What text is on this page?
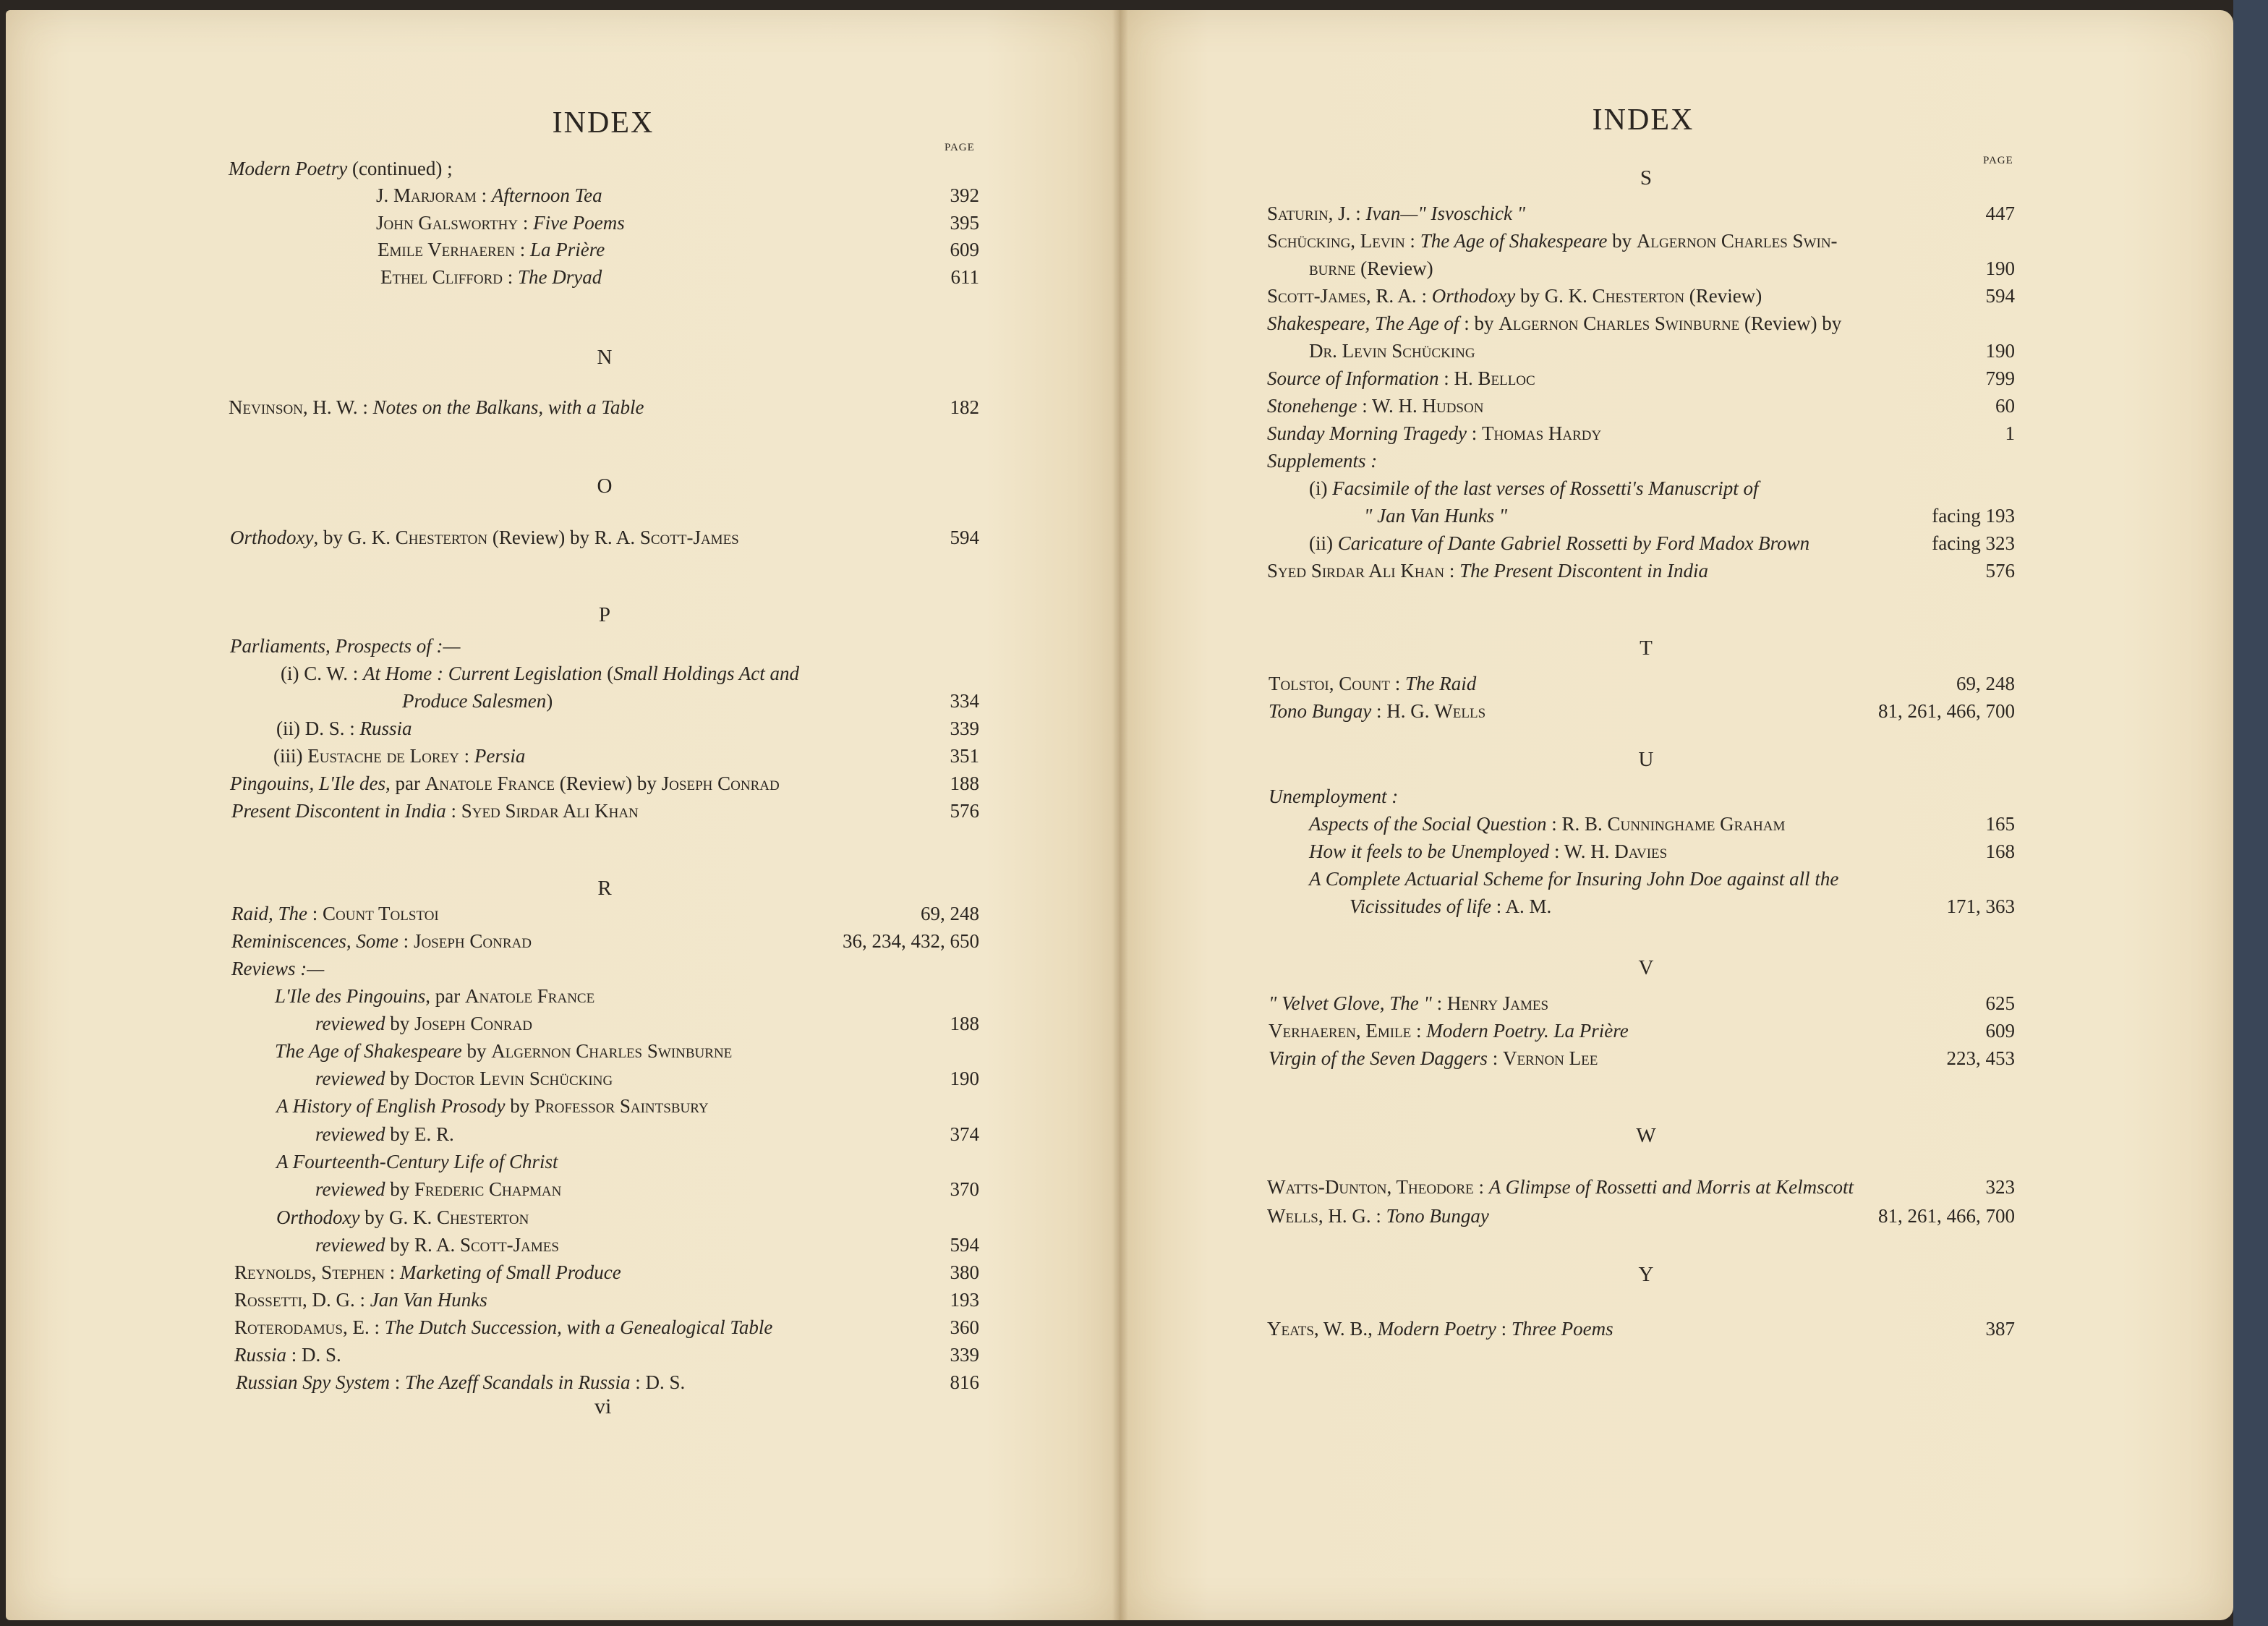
INDEX
PAGE
INDEX
PAGE
vi
Modern Poetry (continued) ;
J. Marjoram : Afternoon Tea	392
John Galsworthy : Five Poems	395
Emile Verhaeren : La Prière	609
Ethel Clifford : The Dryad	611
N
Nevinson, H. W. : Notes on the Balkans, with a Table	182
O
Orthodoxy, by G. K. Chesterton (Review) by R. A. Scott-James	594
P
Parliaments, Prospects of :—
(i) C. W. : At Home : Current Legislation (Small Holdings Act and
Produce Salesmen)	334
(ii) D. S. : Russia	339
(iii) Eustache de Lorey : Persia	351
Pingouins, L'Ile des, par Anatole France (Review) by Joseph Conrad	188
Present Discontent in India : Syed Sirdar Ali Khan	576
R
Raid, The : Count Tolstoi	69, 248
Reminiscences, Some : Joseph Conrad	36, 234, 432, 650
Reviews :—
L'Ile des Pingouins, par Anatole France
reviewed by Joseph Conrad	188
The Age of Shakespeare by Algernon Charles Swinburne
reviewed by Doctor Levin Schücking	190
A History of English Prosody by Professor Saintsbury
reviewed by E. R.	374
A Fourteenth-Century Life of Christ
reviewed by Frederic Chapman	370
Orthodoxy by G. K. Chesterton
reviewed by R. A. Scott-James	594
Reynolds, Stephen : Marketing of Small Produce	380
Rossetti, D. G. : Jan Van Hunks	193
Roterodamus, E. : The Dutch Succession, with a Genealogical Table	360
Russia : D. S.	339
Russian Spy System : The Azeff Scandals in Russia : D. S.	816
S
Saturin, J. : Ivan—" Isvoschick "	447
Schücking, Levin : The Age of Shakespeare by Algernon Charles Swin-
burne (Review)	190
Scott-James, R. A. : Orthodoxy by G. K. Chesterton (Review)	594
Shakespeare, The Age of : by Algernon Charles Swinburne (Review) by
Dr. Levin Schücking	190
Source of Information : H. Belloc	799
Stonehenge : W. H. Hudson	60
Sunday Morning Tragedy : Thomas Hardy	1
Supplements :
(i) Facsimile of the last verses of Rossetti's Manuscript of
" Jan Van Hunks "	facing 193
(ii) Caricature of Dante Gabriel Rossetti by Ford Madox Brown	facing 323
Syed Sirdar Ali Khan : The Present Discontent in India	576
T
Tolstoi, Count : The Raid	69, 248
Tono Bungay : H. G. Wells	81, 261, 466, 700
U
Unemployment :
Aspects of the Social Question : R. B. Cunninghame Graham	165
How it feels to be Unemployed : W. H. Davies	168
A Complete Actuarial Scheme for Insuring John Doe against all the
Vicissitudes of life : A. M.	171, 363
V
" Velvet Glove, The " : Henry James	625
Verhaeren, Emile : Modern Poetry. La Prière	609
Virgin of the Seven Daggers : Vernon Lee	223, 453
W
Watts-Dunton, Theodore : A Glimpse of Rossetti and Morris at Kelmscott	323
Wells, H. G. : Tono Bungay	81, 261, 466, 700
Y
Yeats, W. B., Modern Poetry : Three Poems	387
